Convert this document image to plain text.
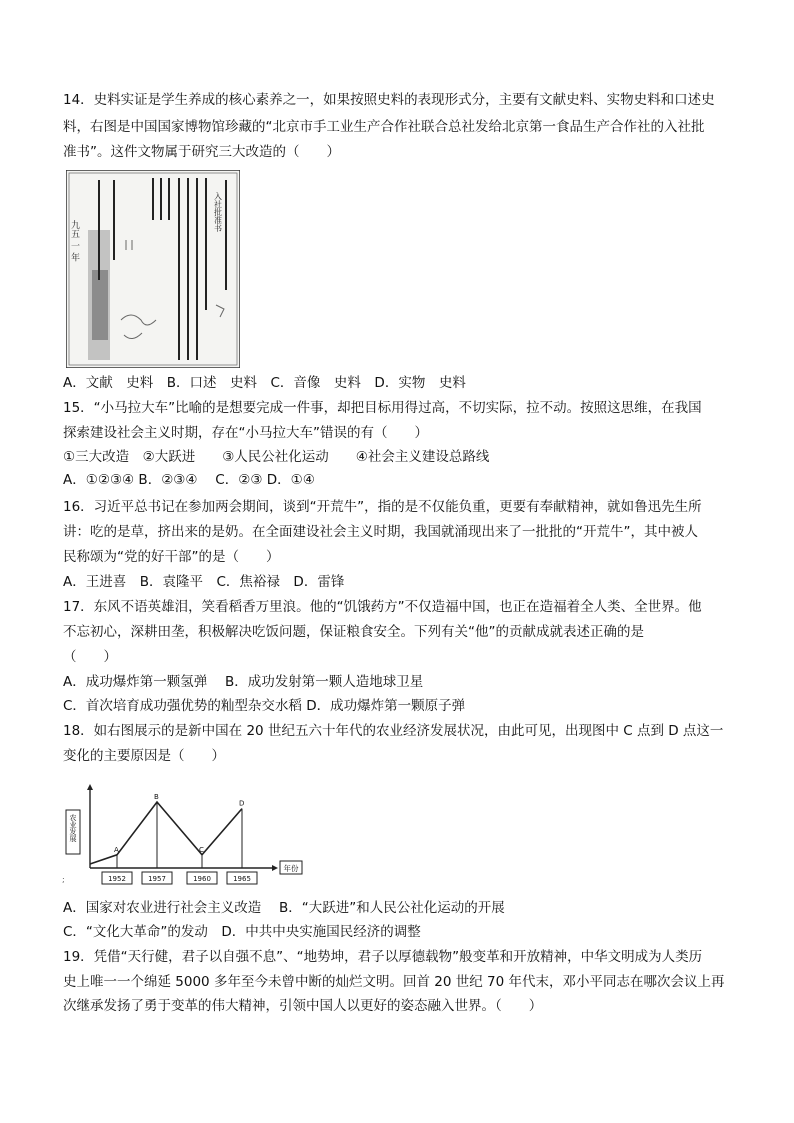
14．史料实证是学生养成的核心素养之一，如果按照史料的表现形式分，主要有文献史料、实物史料和口述史
料，右图是中国国家博物馆珍藏的“北京市手工业生产合作社联合总社发给北京第一食品生产合作社的入社批
准书”。这件文物属于研究三大改造的（　　）
九五 一 年
入社批准书
A．文献　史料　B．口述　史料　C．音像　史料　D．实物　史料
15．“小马拉大车”比喻的是想要完成一件事，却把目标用得过高，不切实际，拉不动。按照这思维，在我国
探索建设社会主义时期，存在“小马拉大车”错误的有（　　）
①三大改造　②大跃进　　③人民公社化运动　　④社会主义建设总路线
A．①②③④ B．②③④　 C．②③ D．①④
16．习近平总书记在参加两会期间，谈到“开荒牛”，指的是不仅能负重，更要有奉献精神，就如鲁迅先生所
讲：吃的是草，挤出来的是奶。在全面建设社会主义时期，我国就涌现出来了一批批的“开荒牛”，其中被人
民称颂为“党的好干部”的是（　　）
A．王进喜　B．袁隆平　C．焦裕禄　D．雷锋
17．东风不语英雄泪，笑看稻香万里浪。他的“饥饿药方”不仅造福中国，也正在造福着全人类、全世界。他
不忘初心，深耕田垄，积极解决吃饭问题，保证粮食安全。下列有关“他”的贡献成就表述正确的是
（　　）
A．成功爆炸第一颗氢弹　 B．成功发射第一颗人造地球卫星
C．首次培育成功强优势的籼型杂交水稻 D．成功爆炸第一颗原子弹
18．如右图展示的是新中国在 20 世纪五六十年代的农业经济发展状况，由此可见，出现图中 C 点到 D 点这一
变化的主要原因是（　　）
农业发展
年份
A
1952
B
1957
C
1960
D
1965
;
A．国家对农业进行社会主义改造　 B．“大跃进”和人民公社化运动的开展
C．“文化大革命”的发动　D．中共中央实施国民经济的调整
19．凭借“天行健，君子以自强不息”、“地势坤，君子以厚德载物”般变革和开放精神，中华文明成为人类历
史上唯一一个绵延 5000 多年至今未曾中断的灿烂文明。回首 20 世纪 70 年代末，邓小平同志在哪次会议上再
次继承发扬了勇于变革的伟大精神，引领中国人以更好的姿态融入世界。（　　）
